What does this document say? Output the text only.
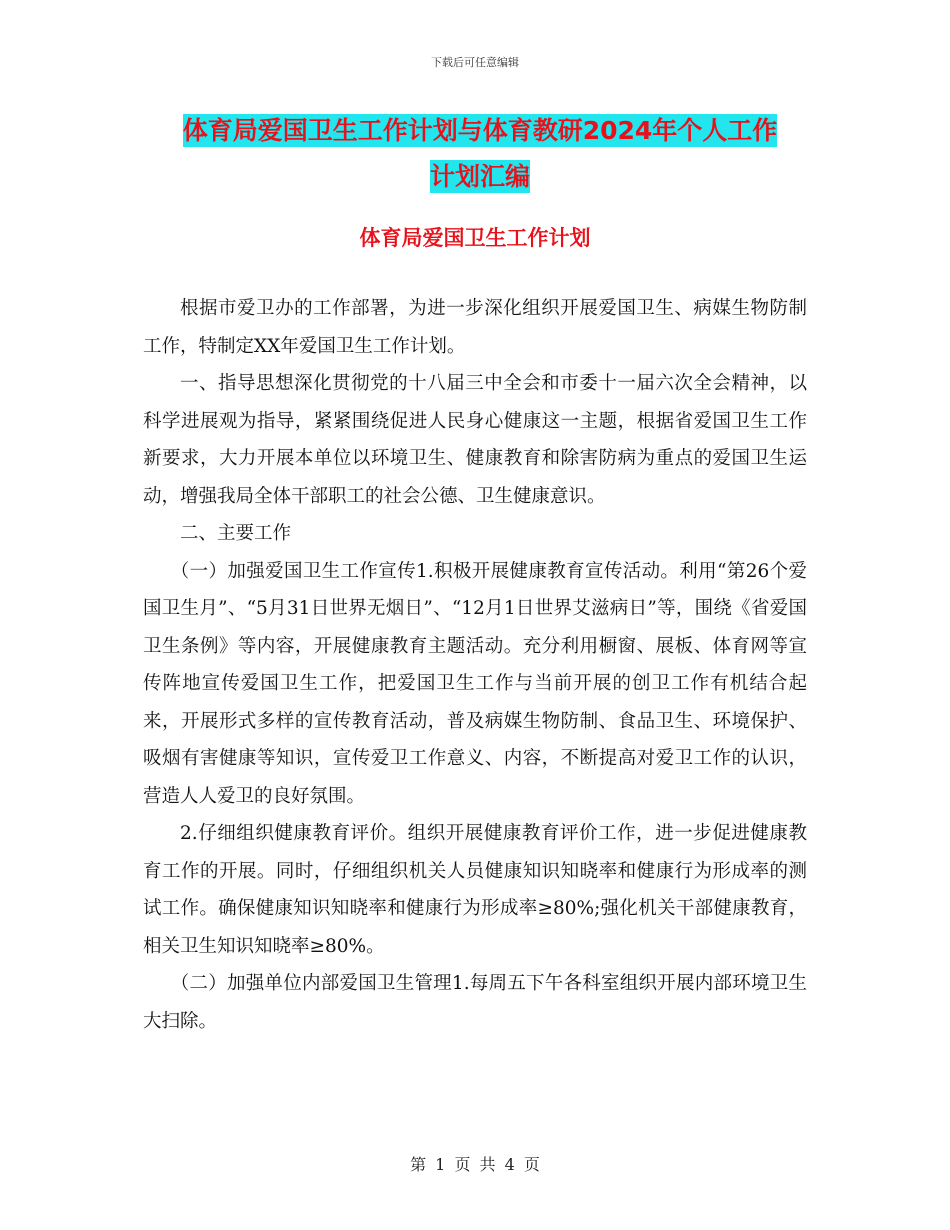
下载后可任意编辑
体育局爱国卫生工作计划与体育教研2024年个人工作
计划汇编
体育局爱国卫生工作计划

根据市爱卫办的工作部署，为进一步深化组织开展爱国卫生、病媒生物防制工作，特制定XX年爱国卫生工作计划。

一、指导思想深化贯彻党的十八届三中全会和市委十一届六次全会精神，以科学进展观为指导，紧紧围绕促进人民身心健康这一主题，根据省爱国卫生工作新要求，大力开展本单位以环境卫生、健康教育和除害防病为重点的爱国卫生运动，增强我局全体干部职工的社会公德、卫生健康意识。

二、主要工作

（一）加强爱国卫生工作宣传1.积极开展健康教育宣传活动。利用“第26个爱国卫生月”、“5月31日世界无烟日”、“12月1日世界艾滋病日”等，围绕《省爱国卫生条例》等内容，开展健康教育主题活动。充分利用橱窗、展板、体育网等宣传阵地宣传爱国卫生工作，把爱国卫生工作与当前开展的创卫工作有机结合起来，开展形式多样的宣传教育活动，普及病媒生物防制、食品卫生、环境保护、吸烟有害健康等知识，宣传爱卫工作意义、内容，不断提高对爱卫工作的认识，营造人人爱卫的良好氛围。

2.仔细组织健康教育评价。组织开展健康教育评价工作，进一步促进健康教育工作的开展。同时，仔细组织机关人员健康知识知晓率和健康行为形成率的测试工作。确保健康知识知晓率和健康行为形成率≥80%;强化机关干部健康教育，相关卫生知识知晓率≥80%。

（二）加强单位内部爱国卫生管理1.每周五下午各科室组织开展内部环境卫生大扫除。

第 1 页 共 4 页
